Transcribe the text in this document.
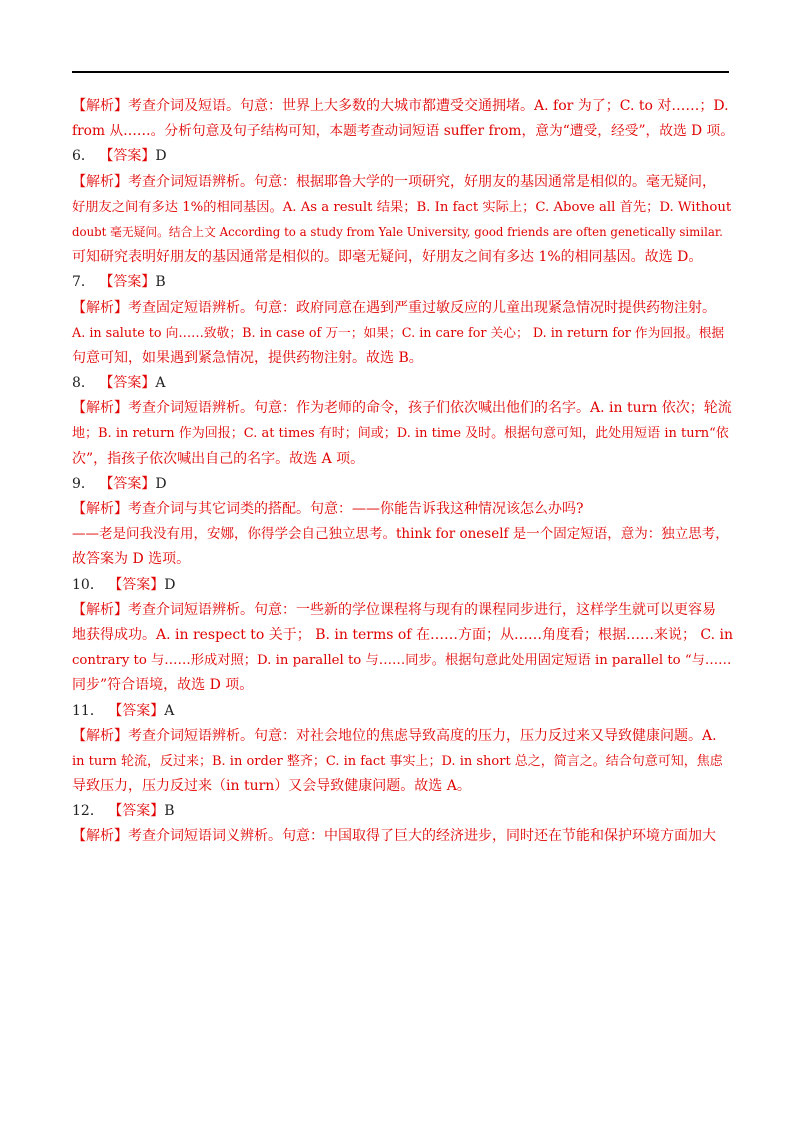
【解析】考查介词及短语。句意：世界上大多数的大城市都遭受交通拥堵。A. for 为了；C. to 对……；D.
from 从……。分析句意及句子结构可知，本题考查动词短语 suffer from，意为“遭受，经受”，故选 D 项。
6． 【答案】D
【解析】考查介词短语辨析。句意：根据耶鲁大学的一项研究，好朋友的基因通常是相似的。毫无疑问，
好朋友之间有多达 1%的相同基因。A. As a result 结果；B. In fact 实际上；C. Above all 首先；D. Without
doubt 毫无疑问。结合上文 According to a study from Yale University, good friends are often genetically similar.
可知研究表明好朋友的基因通常是相似的。即毫无疑问，好朋友之间有多达 1%的相同基因。故选 D。
7． 【答案】B
【解析】考查固定短语辨析。句意：政府同意在遇到严重过敏反应的儿童出现紧急情况时提供药物注射。
A. in salute to 向……致敬；B. in case of 万一；如果；C. in care for 关心； D. in return for 作为回报。根据
句意可知，如果遇到紧急情况，提供药物注射。故选 B。
8． 【答案】A
【解析】考查介词短语辨析。句意：作为老师的命令，孩子们依次喊出他们的名字。A. in turn 依次；轮流
地；B. in return 作为回报；C. at times 有时；间或；D. in time 及时。根据句意可知，此处用短语 in turn“依
次”，指孩子依次喊出自己的名字。故选 A 项。
9． 【答案】D
【解析】考查介词与其它词类的搭配。句意：——你能告诉我这种情况该怎么办吗?
——老是问我没有用，安娜，你得学会自己独立思考。think for oneself 是一个固定短语，意为：独立思考，
故答案为 D 选项。
10． 【答案】D
【解析】考查介词短语辨析。句意：一些新的学位课程将与现有的课程同步进行，这样学生就可以更容易
地获得成功。A. in respect to 关于； B. in terms of 在……方面；从……角度看；根据……来说； C. in
contrary to 与……形成对照；D. in parallel to 与……同步。根据句意此处用固定短语 in parallel to “与……
同步”符合语境，故选 D 项。
11． 【答案】A
【解析】考查介词短语辨析。句意：对社会地位的焦虑导致高度的压力，压力反过来又导致健康问题。A.
in turn 轮流，反过来；B. in order 整齐；C. in fact 事实上；D. in short 总之，简言之。结合句意可知，焦虑
导致压力，压力反过来（in turn）又会导致健康问题。故选 A。
12． 【答案】B
【解析】考查介词短语词义辨析。句意：中国取得了巨大的经济进步，同时还在节能和保护环境方面加大
